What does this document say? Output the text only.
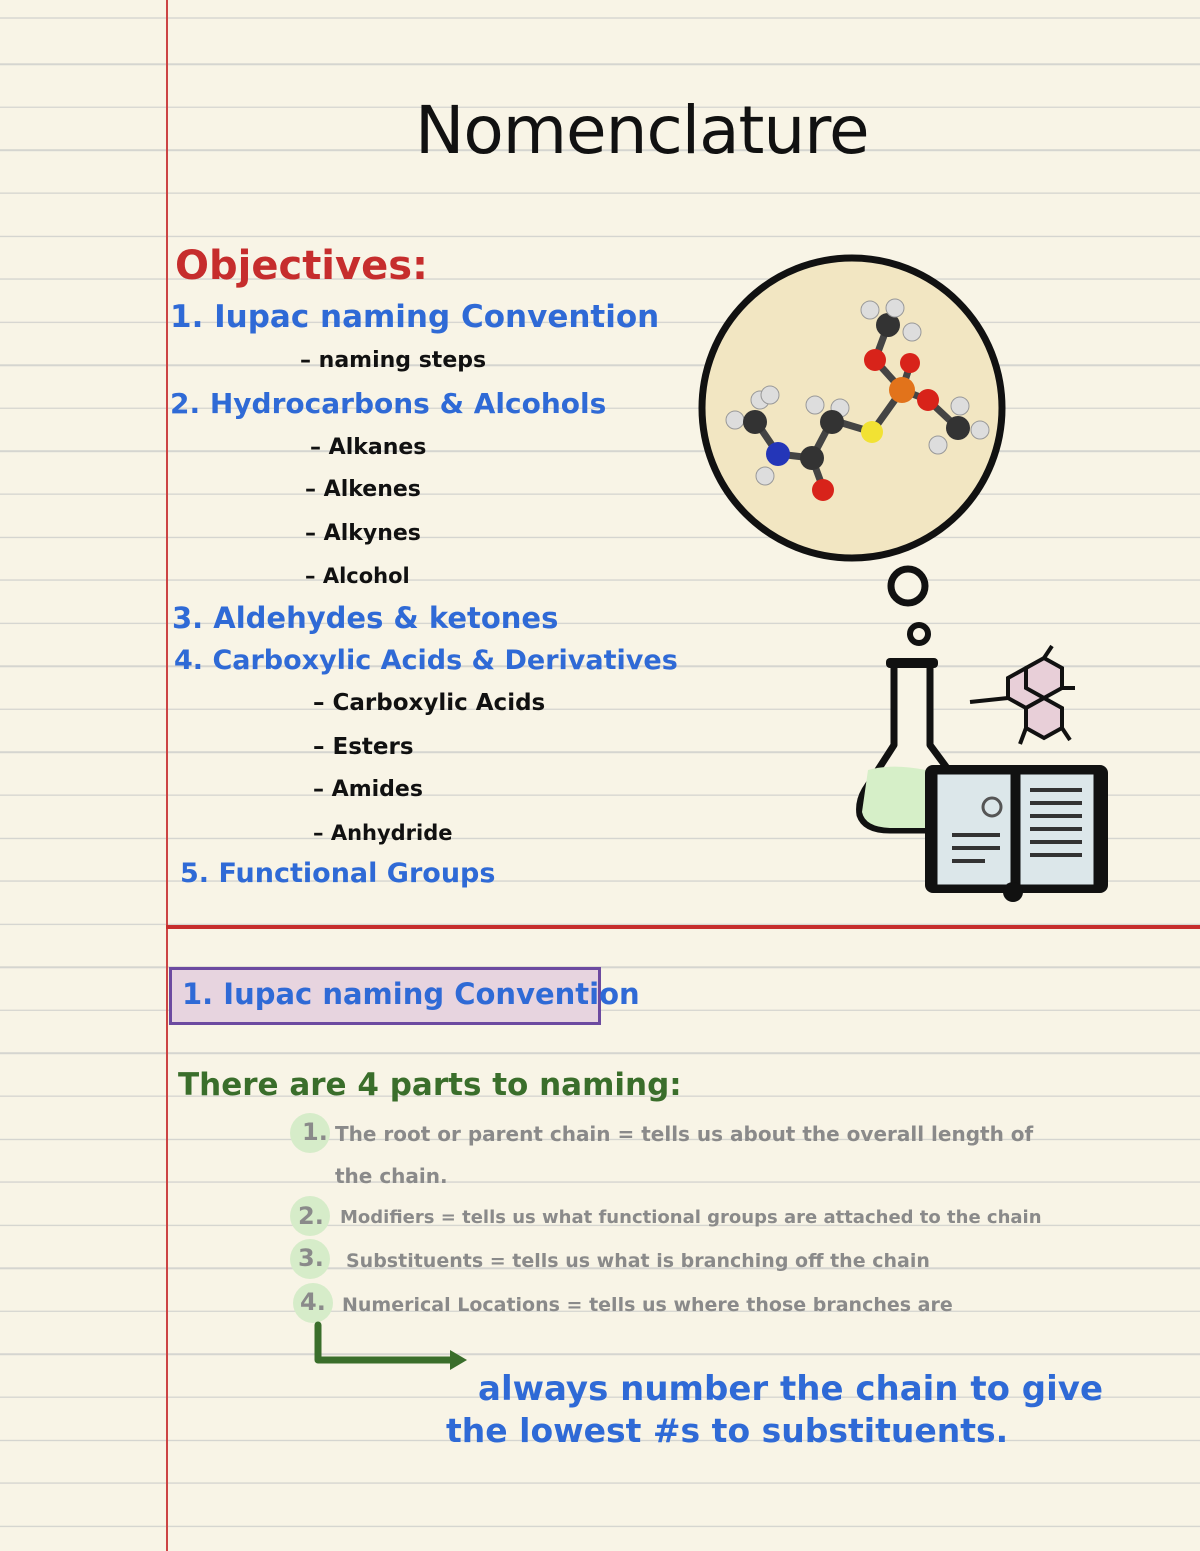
Nomenclature
Objectives:
1. Iupac naming Convention
– naming steps
2. Hydrocarbons & Alcohols
– Alkanes
– Alkenes
– Alkynes
– Alcohol
3. Aldehydes & ketones
4. Carboxylic Acids & Derivatives
– Carboxylic Acids
– Esters
– Amides
– Anhydride
5. Functional Groups
1. Iupac naming Convention
There are 4 parts to naming:
1. The root or parent chain = tells us about the overall length of
the chain.
2. Modifiers = tells us what functional groups are attached to the chain
3. Substituents = tells us what is branching off the chain
4. Numerical Locations = tells us where those branches are
always number the chain to give
the lowest #s to substituents.
